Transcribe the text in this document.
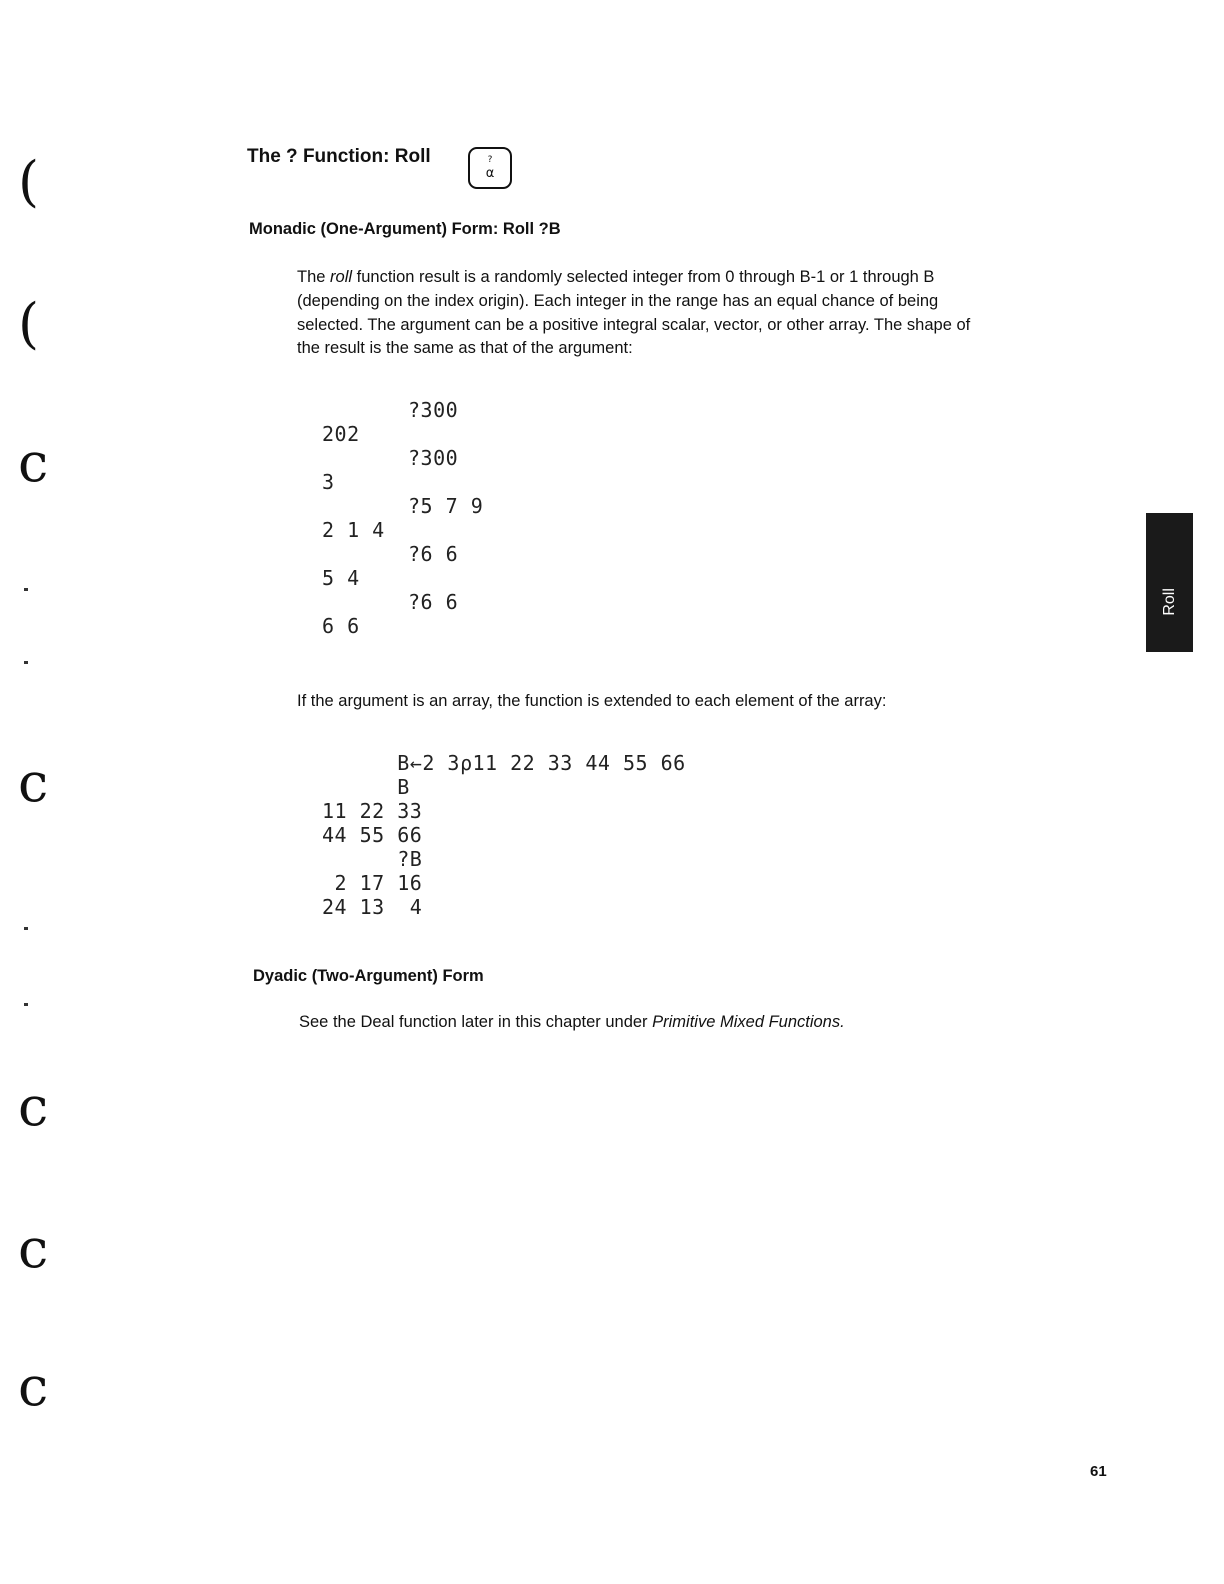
(
(
c
c
c
c
c
The ? Function: Roll	?
α
Monadic (One-Argument) Form: Roll ?B
The roll function result is a randomly selected integer from 0 through B-1 or 1 through B (depending on the index origin). Each integer in the range has an equal chance of being selected. The argument can be a positive integral scalar, vector, or other array. The shape of the result is the same as that of the argument:
?300
202
?300
3
?5 7 9
2 1 4
?6 6
5 4
?6 6
6 6
If the argument is an array, the function is extended to each element of the array:
B←2 3⍴11 22 33 44 55 66
B
11 22 33
44 55 66
?B
2 17 16
24 13  4
Dyadic (Two-Argument) Form
See the Deal function later in this chapter under Primitive Mixed Functions.
Roll
61
